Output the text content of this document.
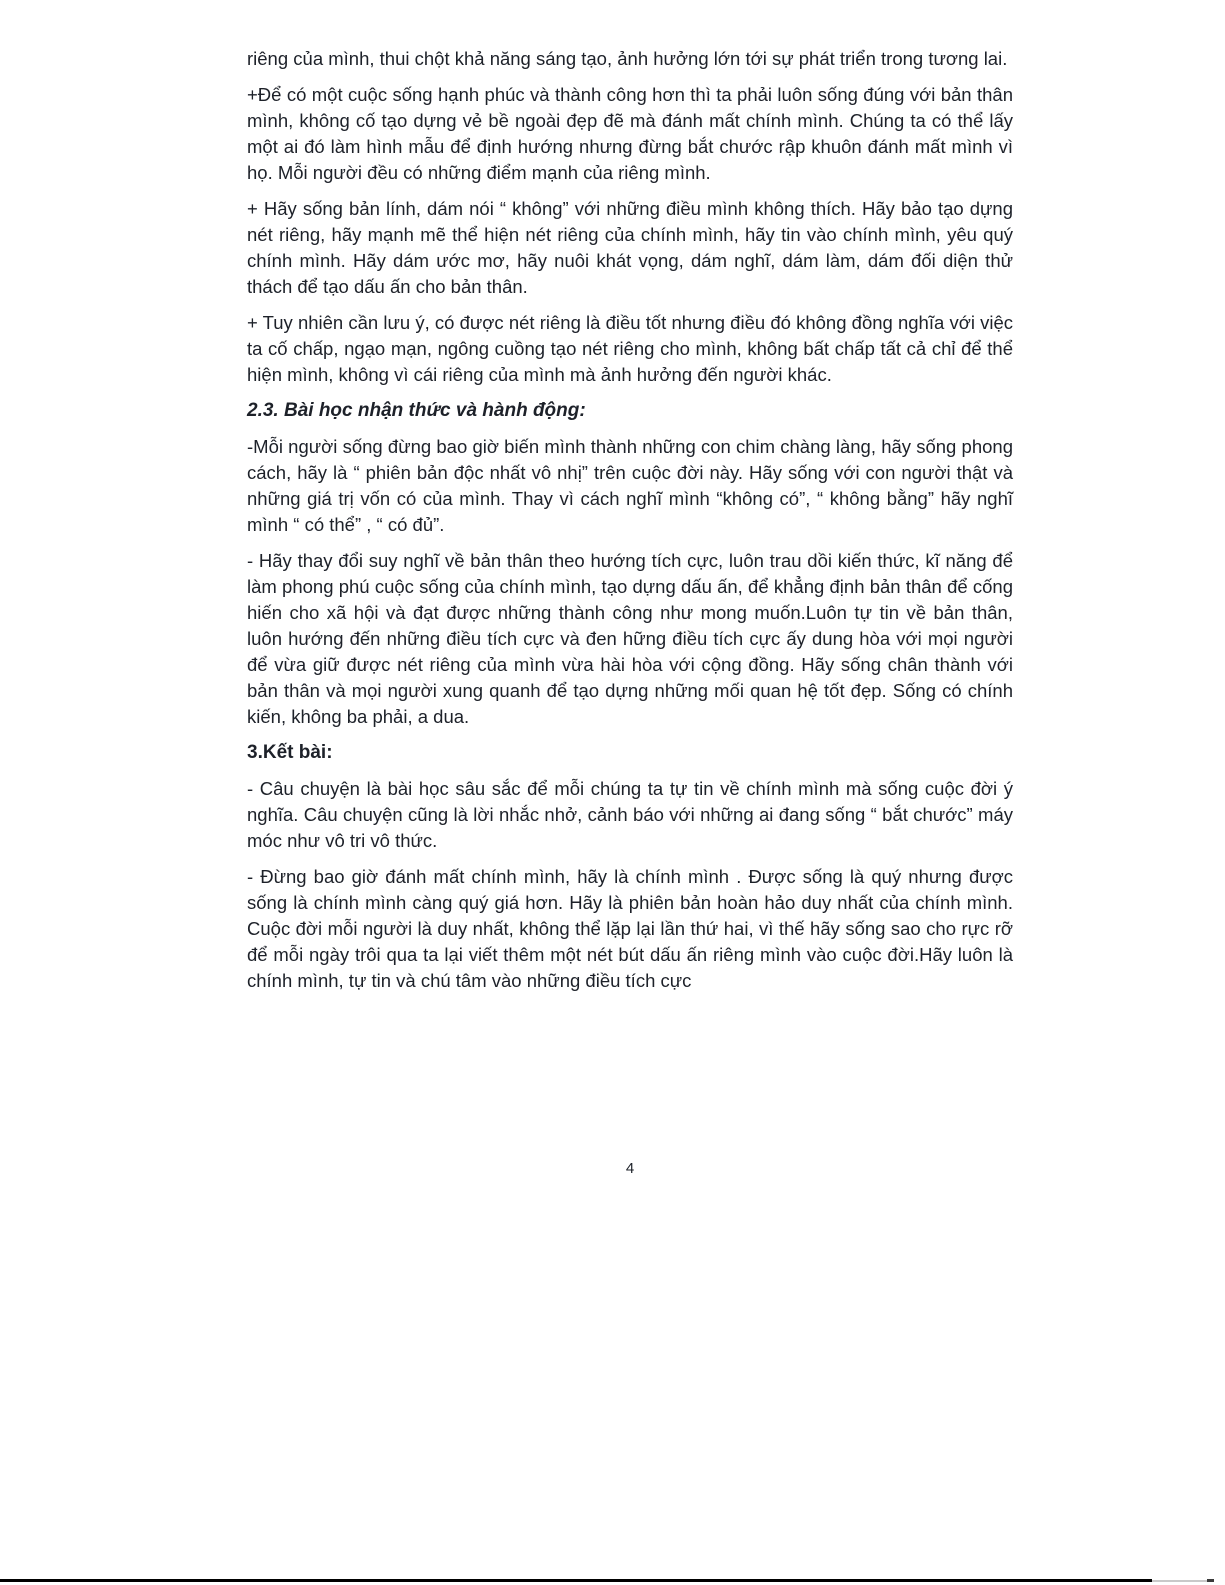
riêng của mình, thui chột khả năng sáng tạo, ảnh hưởng lớn tới sự phát triển trong tương lai.

+Để có một cuộc sống hạnh phúc và thành công hơn thì ta phải luôn sống đúng với bản thân mình, không cố tạo dựng vẻ bề ngoài đẹp đẽ mà đánh mất chính mình. Chúng ta có thể lấy một ai đó làm hình mẫu để định hướng nhưng đừng bắt chước rập khuôn đánh mất mình vì họ. Mỗi người đều có những điểm mạnh của riêng mình.

+ Hãy sống bản lính, dám nói “ không” với những điều mình không thích. Hãy bảo tạo dựng nét riêng, hãy mạnh mẽ thể hiện nét riêng của chính mình, hãy tin vào chính mình, yêu quý chính mình. Hãy dám ước mơ, hãy nuôi khát vọng, dám nghĩ, dám làm, dám đối diện thử thách để tạo dấu ấn cho bản thân.

+ Tuy nhiên cần lưu ý, có được nét riêng là điều tốt nhưng điều đó không đồng nghĩa với việc ta cố chấp, ngạo mạn, ngông cuồng tạo nét riêng cho mình, không bất chấp tất cả chỉ để thể hiện mình, không vì cái riêng của mình mà ảnh hưởng đến người khác.

2.3. Bài học nhận thức và hành động:

-Mỗi người sống đừng bao giờ biến mình thành những con chim chàng làng, hãy sống phong cách, hãy là “ phiên bản độc nhất vô nhị” trên cuộc đời này. Hãy sống với con người thật và những giá trị vốn có của mình. Thay vì cách nghĩ mình “không có”, “ không bằng” hãy nghĩ mình “ có thể” , “ có đủ”.

- Hãy thay đổi suy nghĩ về bản thân theo hướng tích cực, luôn trau dồi kiến thức, kĩ năng để làm phong phú cuộc sống của chính mình, tạo dựng dấu ấn, để khẳng định bản thân để cống hiến cho xã hội và đạt được những thành công như mong muốn.Luôn tự tin về bản thân, luôn hướng đến những điều tích cực và đen hững điều tích cực ấy dung hòa với mọi người để vừa giữ được nét riêng của mình vừa hài hòa với cộng đồng. Hãy sống chân thành với bản thân và mọi người xung quanh để tạo dựng những mối quan hệ tốt đẹp. Sống có chính kiến, không ba phải, a dua.

3.Kết bài:

- Câu chuyện là bài học sâu sắc để mỗi chúng ta tự tin về chính mình mà sống cuộc đời ý nghĩa. Câu chuyện cũng là lời nhắc nhở, cảnh báo với những ai đang sống “ bắt chước” máy móc như vô tri vô thức.

- Đừng bao giờ đánh mất chính mình, hãy là chính mình . Được sống là quý nhưng được sống là chính mình càng quý giá hơn. Hãy là phiên bản hoàn hảo duy nhất của chính mình. Cuộc đời mỗi người là duy nhất, không thể lặp lại lần thứ hai, vì thế hãy sống sao cho rực rỡ để mỗi ngày trôi qua ta lại viết thêm một nét bút dấu ấn riêng mình vào cuộc đời.Hãy luôn là chính mình, tự tin và chú tâm vào những điều tích cực

4
